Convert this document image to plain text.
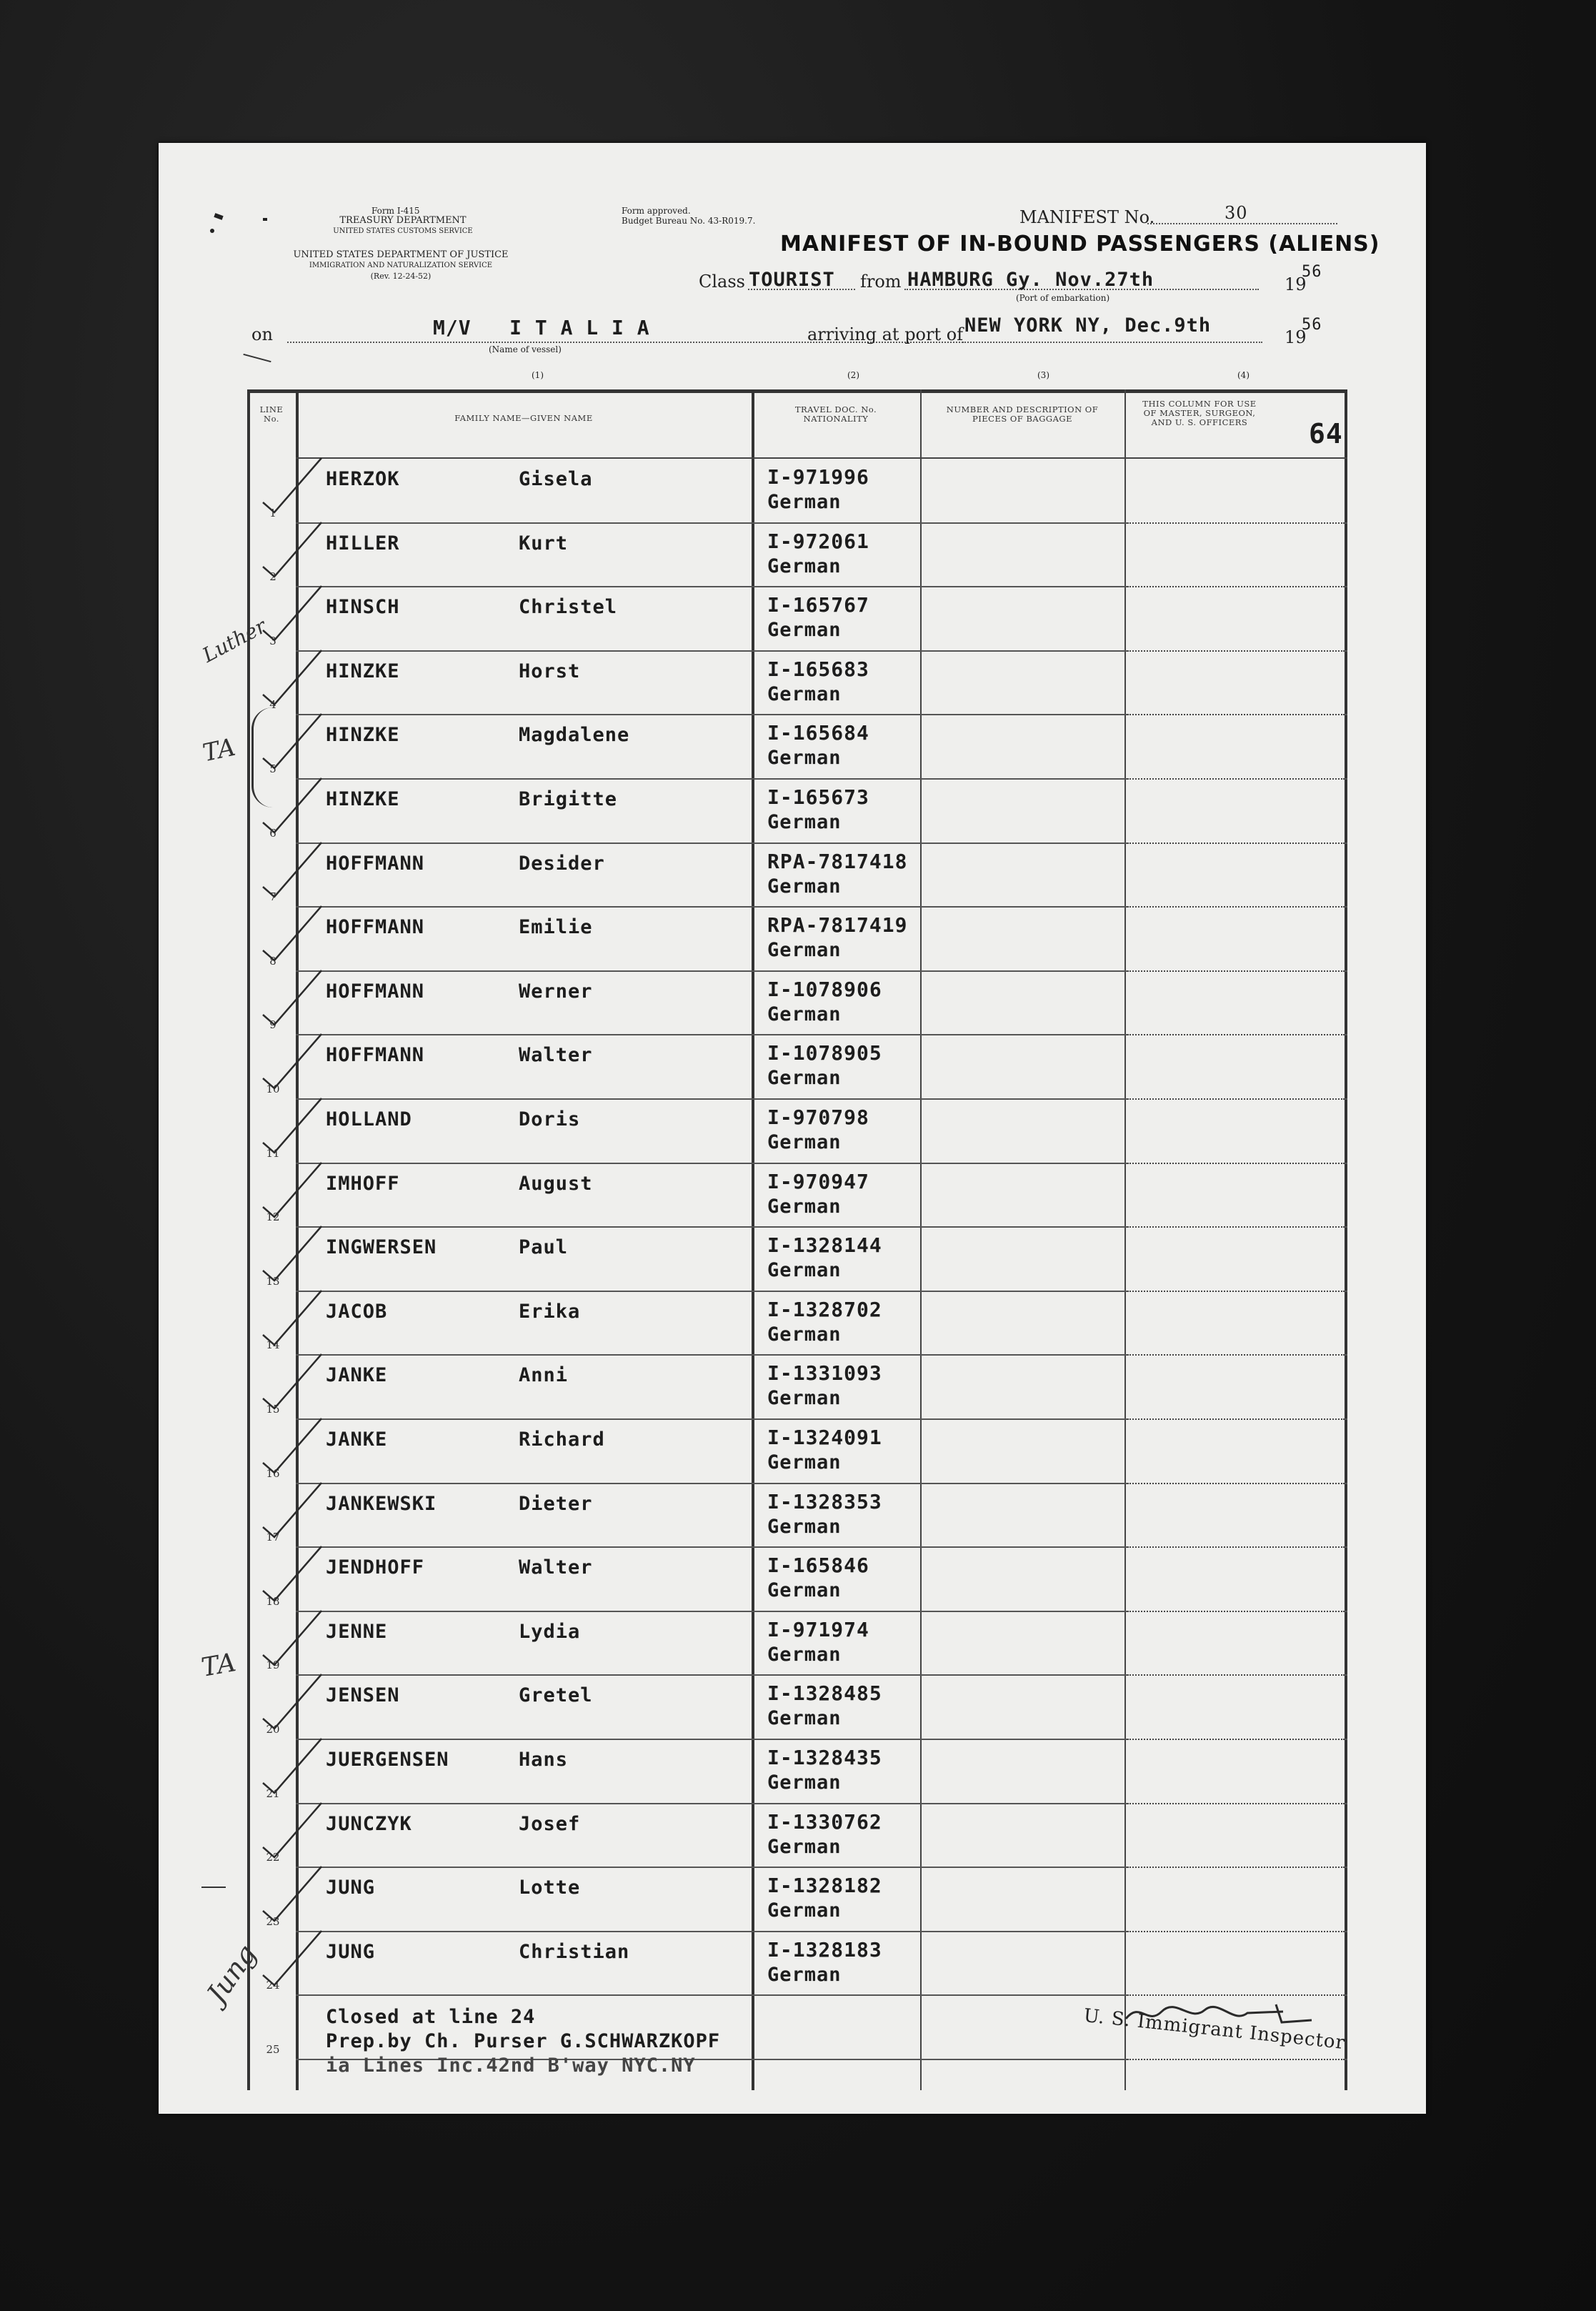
Form I-415
TREASURY DEPARTMENT
UNITED STATES CUSTOMS SERVICE
UNITED STATES DEPARTMENT OF JUSTICE
IMMIGRATION AND NATURALIZATION SERVICE
(Rev. 12-24-52)
Form approved.
Budget Bureau No. 43-R019.7.	MANIFEST No.	30
MANIFEST OF IN-BOUND PASSENGERS (ALIENS)
Class TOURIST from HAMBURG Gy. Nov.27th	19
56
(Port of embarkation)
on	M/V   I T A L I A
(Name of vessel)
arriving at port of NEW YORK NY, Dec.9th
19
56
(1)	(2)	(3)	(4)
LINE
No.	FAMILY NAME—GIVEN NAME
TRAVEL DOC. No.
NATIONALITY
NUMBER AND DESCRIPTION OF
PIECES OF BAGGAGE
THIS COLUMN FOR USE
OF MASTER, SURGEON,
AND U. S. OFFICERS	64
1
HERZOK	Gisela	I-971996
German
2
HILLER	Kurt	I-972061
German
3
HINSCH	Christel	I-165767
German
4
HINZKE	Horst	I-165683
German
5
HINZKE	Magdalene	I-165684
German
6
HINZKE	Brigitte	I-165673
German
7
HOFFMANN	Desider	RPA-7817418
German
8
HOFFMANN	Emilie	RPA-7817419
German
9
HOFFMANN	Werner	I-1078906
German
10
HOFFMANN	Walter	I-1078905
German
11
HOLLAND	Doris	I-970798
German
12
IMHOFF	August	I-970947
German
13
INGWERSEN	Paul	I-1328144
German
14
JACOB	Erika	I-1328702
German
15
JANKE	Anni	I-1331093
German
16
JANKE	Richard	I-1324091
German
17
JANKEWSKI	Dieter	I-1328353
German
18
JENDHOFF	Walter	I-165846
German
19
JENNE	Lydia	I-971974
German
20
JENSEN	Gretel	I-1328485
German
21
JUERGENSEN	Hans	I-1328435
German
22
JUNCZYK	Josef	I-1330762
German
23
JUNG	Lotte	I-1328182
German
24
JUNG	Christian	I-1328183
German
25
Closed at line 24
Prep.by Ch. Purser G.SCHWARZKOPF
ia Lines Inc.42nd B'way NYC.NY
U. S. Immigrant Inspector
Luther
TA
TA
Jung
